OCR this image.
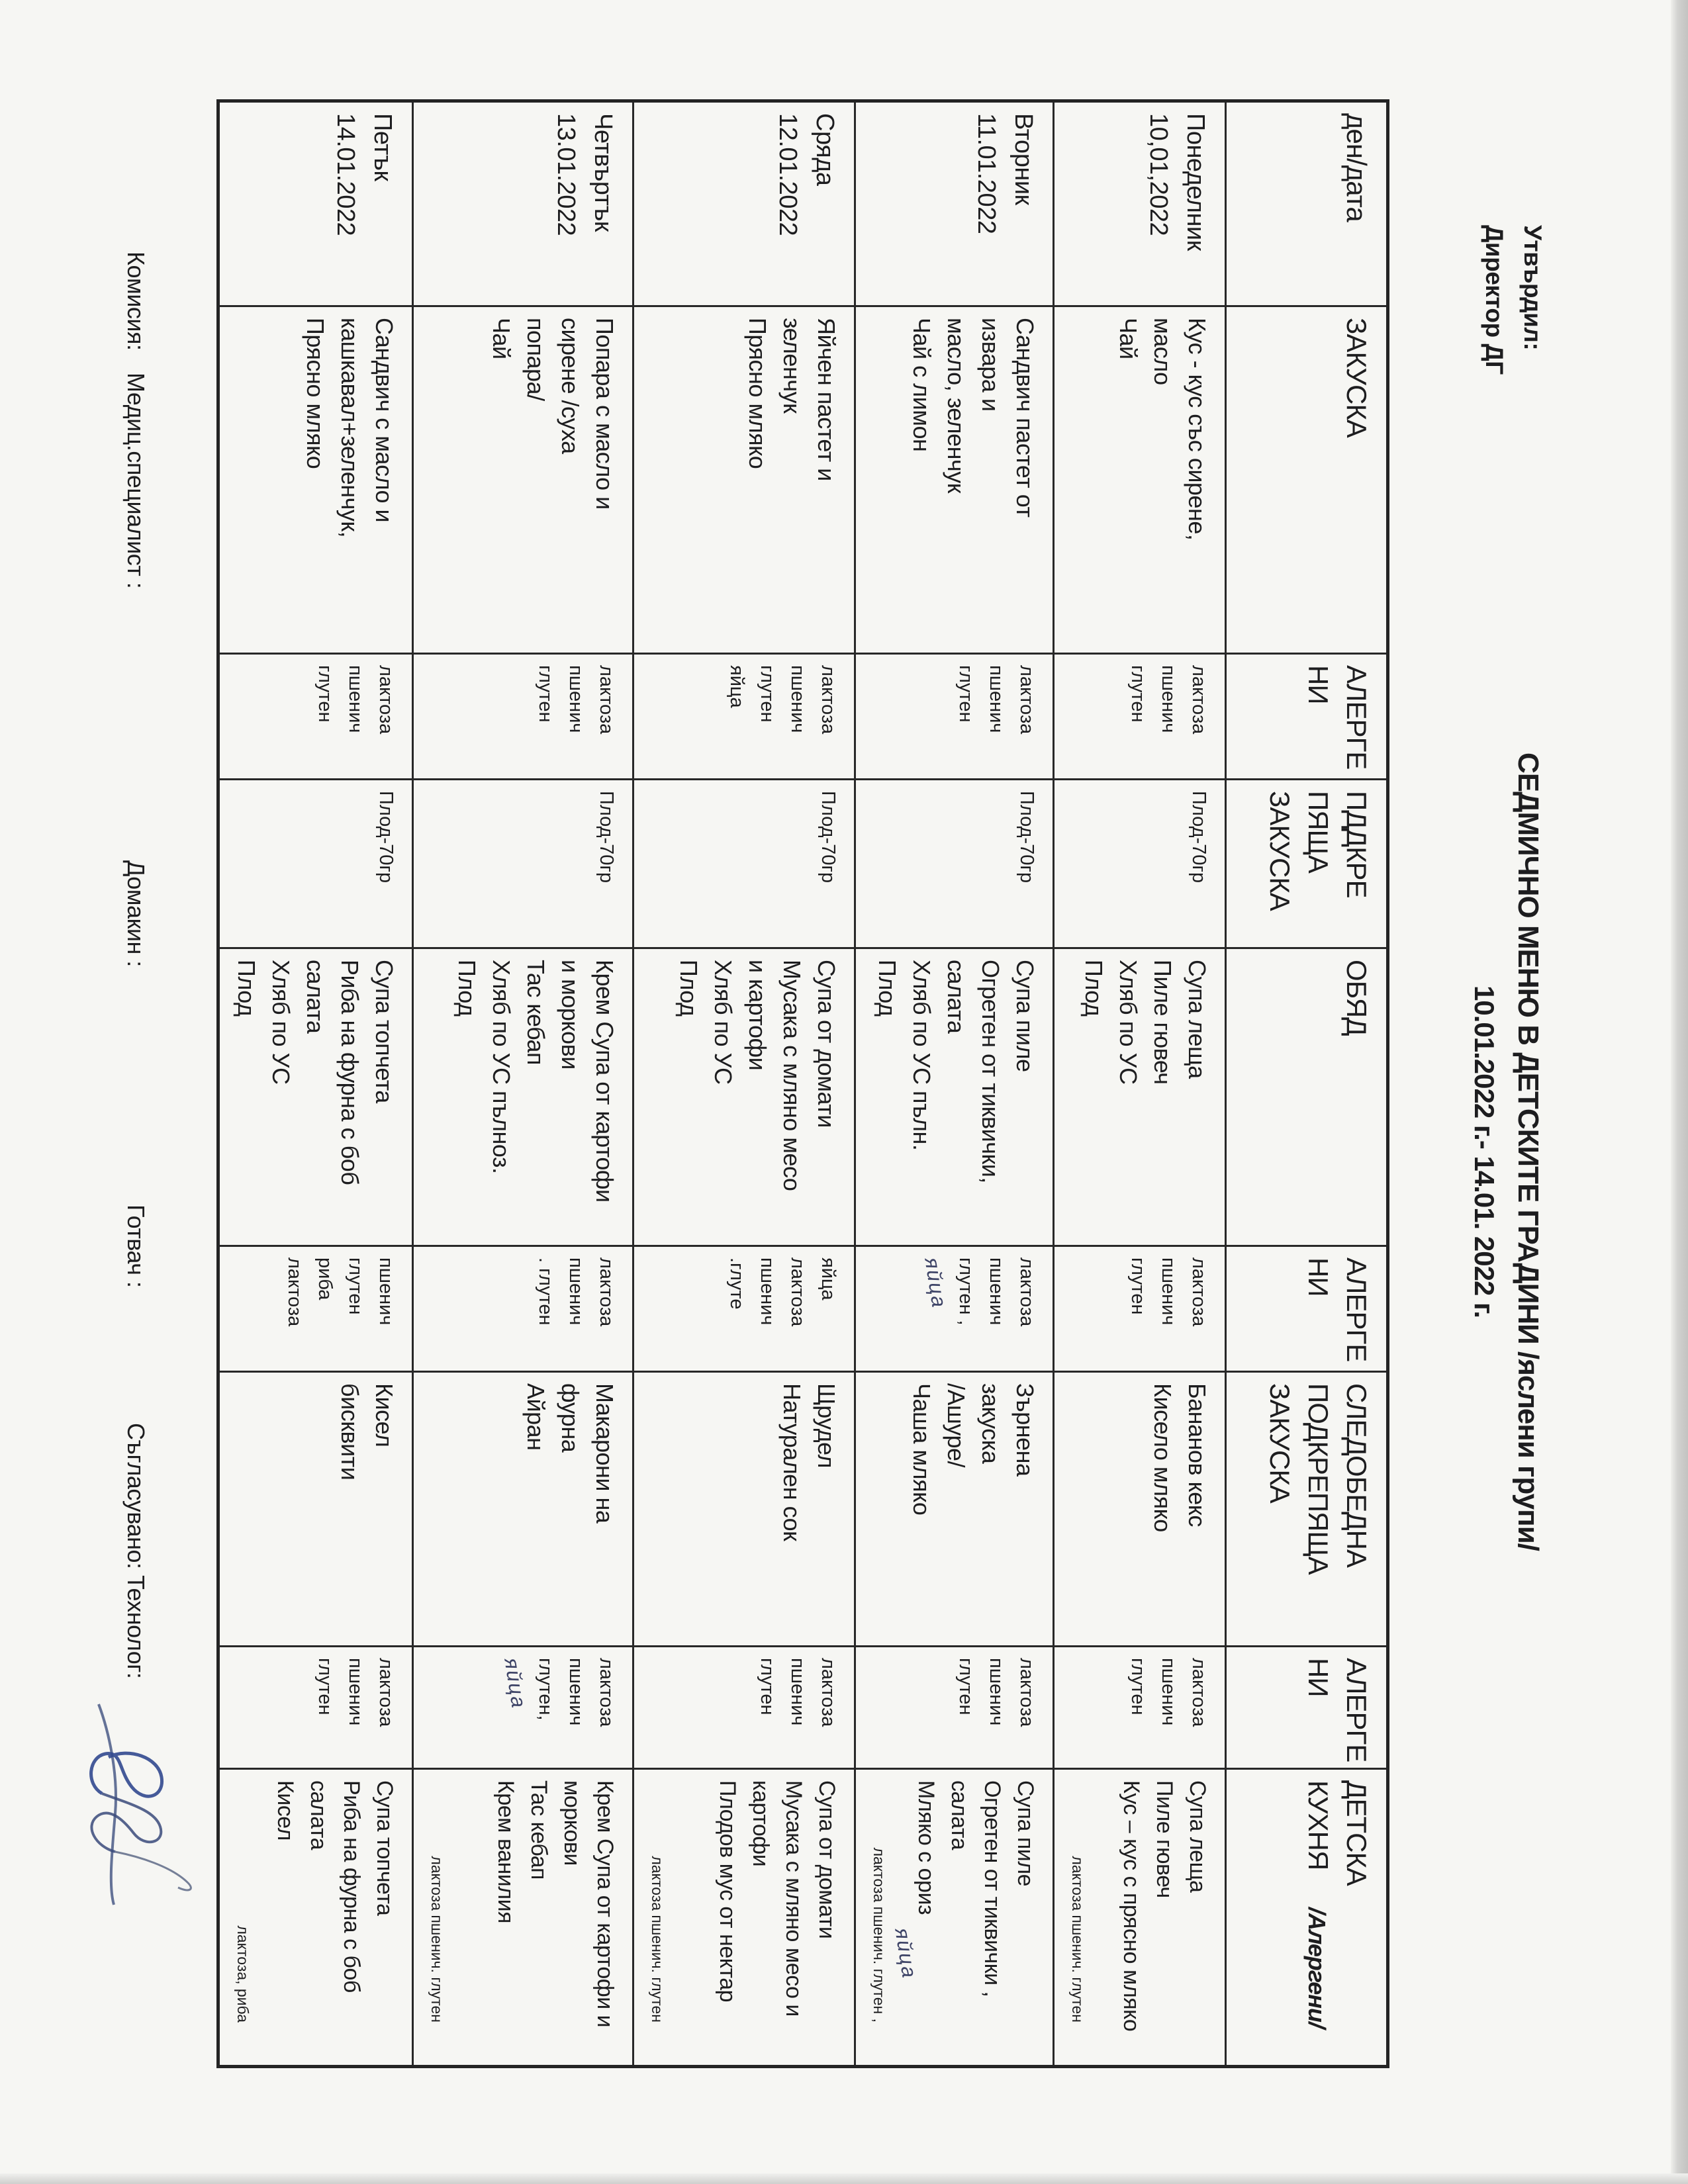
Утвърдил:
Директор ДГ
СЕДМИЧНО МЕНЮ В ДЕТСКИТЕ ГРАДИНИ /яслени групи/
10.01.2022 г.- 14.01. 2022 г.
ден/дата

ЗАКУСКА

АЛЕРГЕ
НИ

ПДДКРЕ
ПЯЩА
ЗАКУСКА

ОБЯД

АЛЕРГЕ
НИ

СЛЕДОБЕДНА
ПОДКРЕПЯЩА
ЗАКУСКА

АЛЕРГЕ
НИ

ДЕТСКА
КУХНЯ
/Алергени/

Понеделник
10,01,2022

Кус - кус със сирене,
масло
Чай

лактоза
пшенич
глутен

Плод-70гр

Супа леща
Пиле гювеч
Хляб по УС
Плод

лактоза
пшенич
глутен

Бананов кекс
Кисело мляко

лактоза
пшенич
глутен

Супа леща
Пиле гювеч
Кус – кус с прясно мляко
лактоза пшенич. глутен

Вторник
11.01.2022

Сандвич пастет от
извара и
масло, зеленчук
Чай с лимон

лактоза
пшенич
глутен

Плод-70гр

Супа пиле
Огретен от тиквички,
салата
Хляб по УС пълн.
Плод

лактоза
пшенич
глутен ,
яйца	
Зърнена
закуска
/Ашуре/
Чаша мляко

лактоза
пшенич
глутен

Супа пиле
Огретен от тиквички , салата
Мляко с ориз
яйца
лактоза пшенич. глутен ,

Сряда
12.01.2022

Яйчен пастет и
зеленчук
Прясно мляко

лактоза
пшенич
глутен
яйца

Плод-70гр

Супа от домати
Мусака с мляно месо
и картофи
Хляб по УС
Плод

яйца
лактоза
пшенич
.глуте

Щрудел
Натурален сок

лактоза
пшенич
глутен

Супа от домати
Мусака с мляно месо и
картофи
Плодов мус от нектар
лактоза пшенич. глутен

Четвъртък
13.01.2022

Попара с масло и
сирене /суха
попара/
Чай

лактоза
пшенич
глутен

Плод-70гр

Крем Супа от картофи
и моркови
Тас кебап
Хляб по УС пълноз.
Плод

лактоза
пшенич
. глутен

Макарони на
фурна
Айран

лактоза
пшенич
глутен,
яйца	
Крем Супа от картофи и
моркови
Тас кебап
Крем ванилия
лактоза пшенич. глутен

Петък
14.01.2022

Сандвич с масло и
кашкавал+зеленчук,
Прясно мляко

лактоза
пшенич
глутен

Плод-70гр

Супа топчета
Риба на фурна с боб
салата
Хляб по УС
Плод

пшенич
глутен
риба
лактоза

Кисел
бисквити

лактоза
пшенич
глутен

Супа топчета
Риба на фурна с боб салата
Кисел
лактоза, риба
Комисия:
Медиц.специалист :
Домакин :
Готвач :
Съгласувано: Технолог:
